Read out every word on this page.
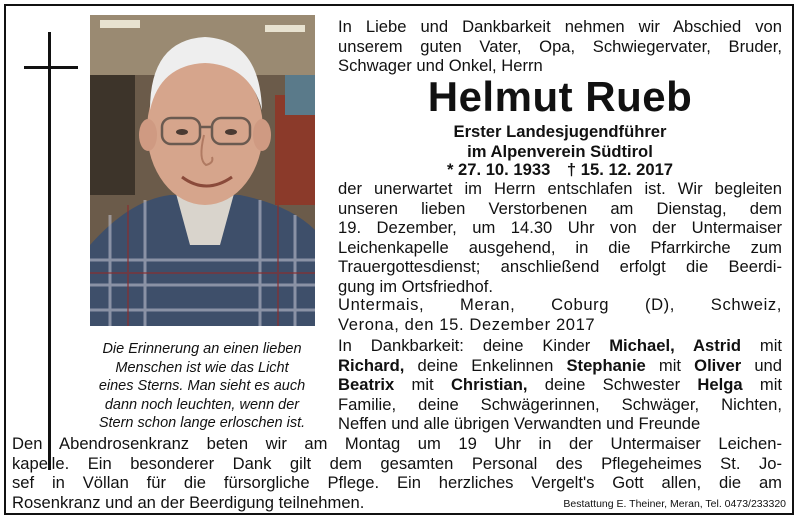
Die Erinnerung an einen lieben
Menschen ist wie das Licht
eines Sterns. Man sieht es auch
dann noch leuchten, wenn der
Stern schon lange erloschen ist.
In Liebe und Dankbarkeit nehmen wir Abschied von
unserem guten Vater, Opa, Schwiegervater, Bruder,
Schwager und Onkel, Herrn
Helmut Rueb
Erster Landesjugendführer
im Alpenverein Südtirol
* 27. 10. 1933 † 15. 12. 2017
der unerwartet im Herrn entschlafen ist. Wir begleiten
unseren lieben Verstorbenen am Dienstag, dem
19. Dezember, um 14.30 Uhr von der Untermaiser
Leichenkapelle ausgehend, in die Pfarrkirche zum
Trauergottesdienst; anschließend erfolgt die Beerdi-
gung im Ortsfriedhof.
Untermais, Meran, Coburg (D), Schweiz,
Verona, den 15. Dezember 2017
In Dankbarkeit: deine Kinder Michael, Astrid mit
Richard, deine Enkelinnen Stephanie mit Oliver und
Beatrix mit Christian, deine Schwester Helga mit
Familie, deine Schwägerinnen, Schwäger, Nichten,
Neffen und alle übrigen Verwandten und Freunde
Den Abendrosenkranz beten wir am Montag um 19 Uhr in der Untermaiser Leichen-
kapelle. Ein besonderer Dank gilt dem gesamten Personal des Pflegeheimes St. Jo-
sef in Völlan für die fürsorgliche Pflege. Ein herzliches Vergelt's Gott allen, die am
Rosenkranz und an der Beerdigung teilnehmen.	Bestattung E. Theiner, Meran, Tel. 0473/233320
